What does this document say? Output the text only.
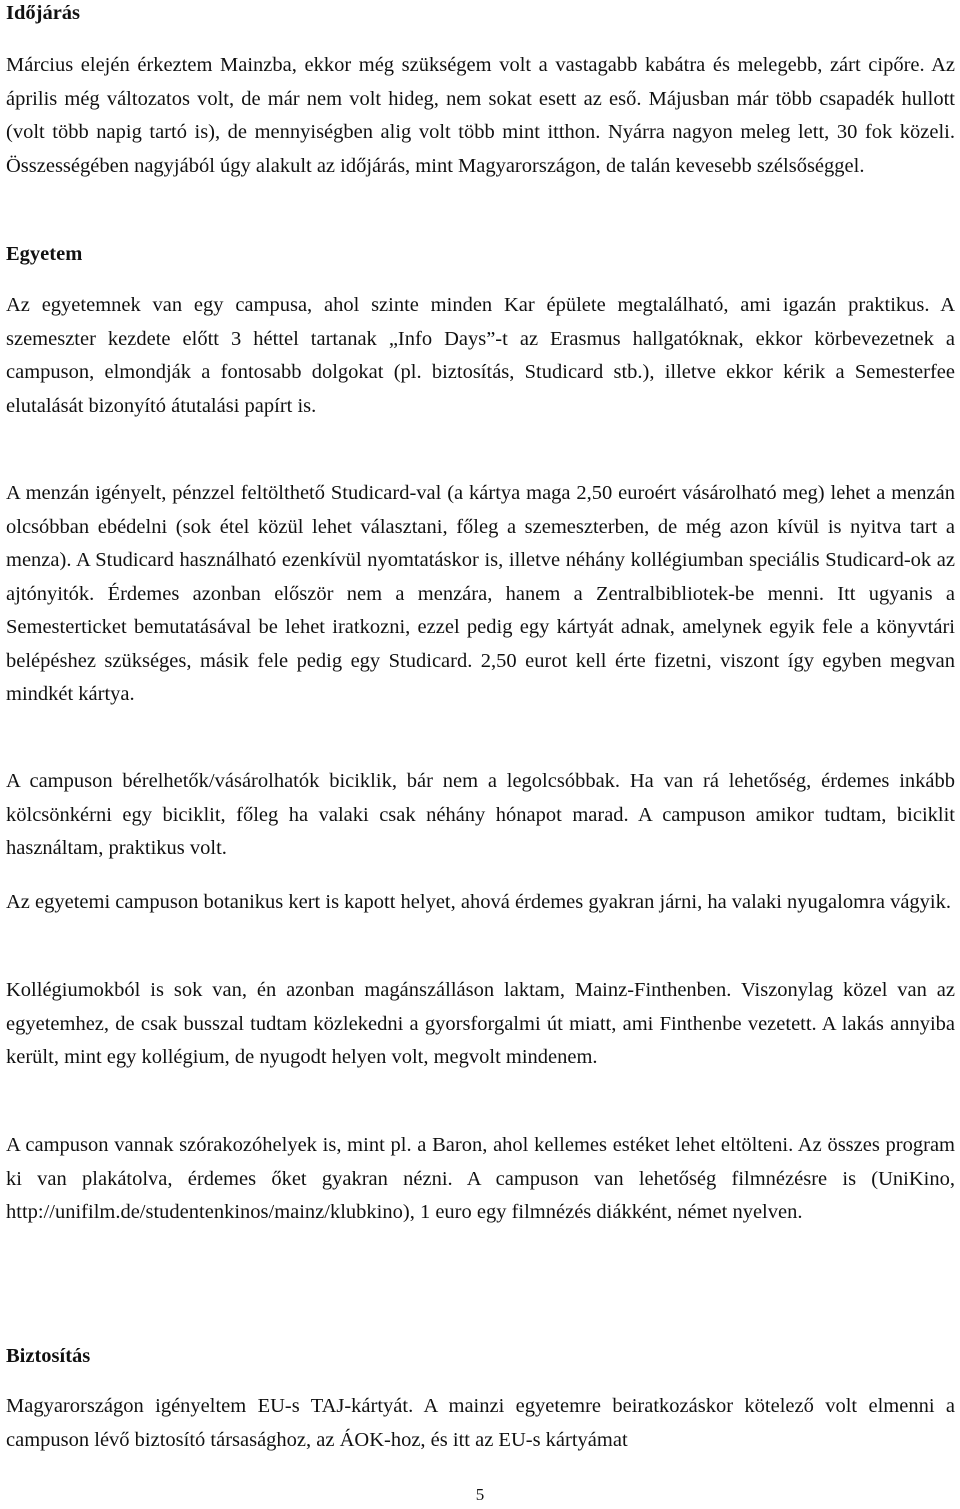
Időjárás

Március elején érkeztem Mainzba, ekkor még szükségem volt a vastagabb kabátra és melegebb, zárt cipőre. Az április még változatos volt, de már nem volt hideg, nem sokat esett az eső. Májusban már több csapadék hullott (volt több napig tartó is), de mennyiségben alig volt több mint itthon. Nyárra nagyon meleg lett, 30 fok közeli. Összességében nagyjából úgy alakult az időjárás, mint Magyarországon, de talán kevesebb szélsőséggel.

Egyetem

Az egyetemnek van egy campusa, ahol szinte minden Kar épülete megtalálható, ami igazán praktikus. A szemeszter kezdete előtt 3 héttel tartanak „Info Days”-t az Erasmus hallgatóknak, ekkor körbevezetnek a campuson, elmondják a fontosabb dolgokat (pl. biztosítás, Studicard stb.), illetve ekkor kérik a Semesterfee elutalását bizonyító átutalási papírt is.

A menzán igényelt, pénzzel feltölthető Studicard-val (a kártya maga 2,50 euroért vásárolható meg) lehet a menzán olcsóbban ebédelni (sok étel közül lehet választani, főleg a szemeszterben, de még azon kívül is nyitva tart a menza). A Studicard használható ezenkívül nyomtatáskor is, illetve néhány kollégiumban speciális Studicard-ok az ajtónyitók. Érdemes azonban először nem a menzára, hanem a Zentralbibliotek-be menni. Itt ugyanis a Semesterticket bemutatásával be lehet iratkozni, ezzel pedig egy kártyát adnak, amelynek egyik fele a könyvtári belépéshez szükséges, másik fele pedig egy Studicard. 2,50 eurot kell érte fizetni, viszont így egyben megvan mindkét kártya.

A campuson bérelhetők/vásárolhatók biciklik, bár nem a legolcsóbbak. Ha van rá lehetőség, érdemes inkább kölcsönkérni egy biciklit, főleg ha valaki csak néhány hónapot marad. A campuson amikor tudtam, biciklit használtam, praktikus volt.

Az egyetemi campuson botanikus kert is kapott helyet, ahová érdemes gyakran járni, ha valaki nyugalomra vágyik.

Kollégiumokból is sok van, én azonban magánszálláson laktam, Mainz-Finthenben. Viszonylag közel van az egyetemhez, de csak busszal tudtam közlekedni a gyorsforgalmi út miatt, ami Finthenbe vezetett. A lakás annyiba került, mint egy kollégium, de nyugodt helyen volt, megvolt mindenem.

A campuson vannak szórakozóhelyek is, mint pl. a Baron, ahol kellemes estéket lehet eltölteni. Az összes program ki van plakátolva, érdemes őket gyakran nézni. A campuson van lehetőség filmnézésre is (UniKino, http://unifilm.de/studentenkinos/mainz/klubkino), 1 euro egy filmnézés diákként, német nyelven.

Biztosítás

Magyarországon igényeltem EU-s TAJ-kártyát. A mainzi egyetemre beiratkozáskor kötelező volt elmenni a campuson lévő biztosító társasághoz, az ÁOK-hoz, és itt az EU-s kártyámat

5
